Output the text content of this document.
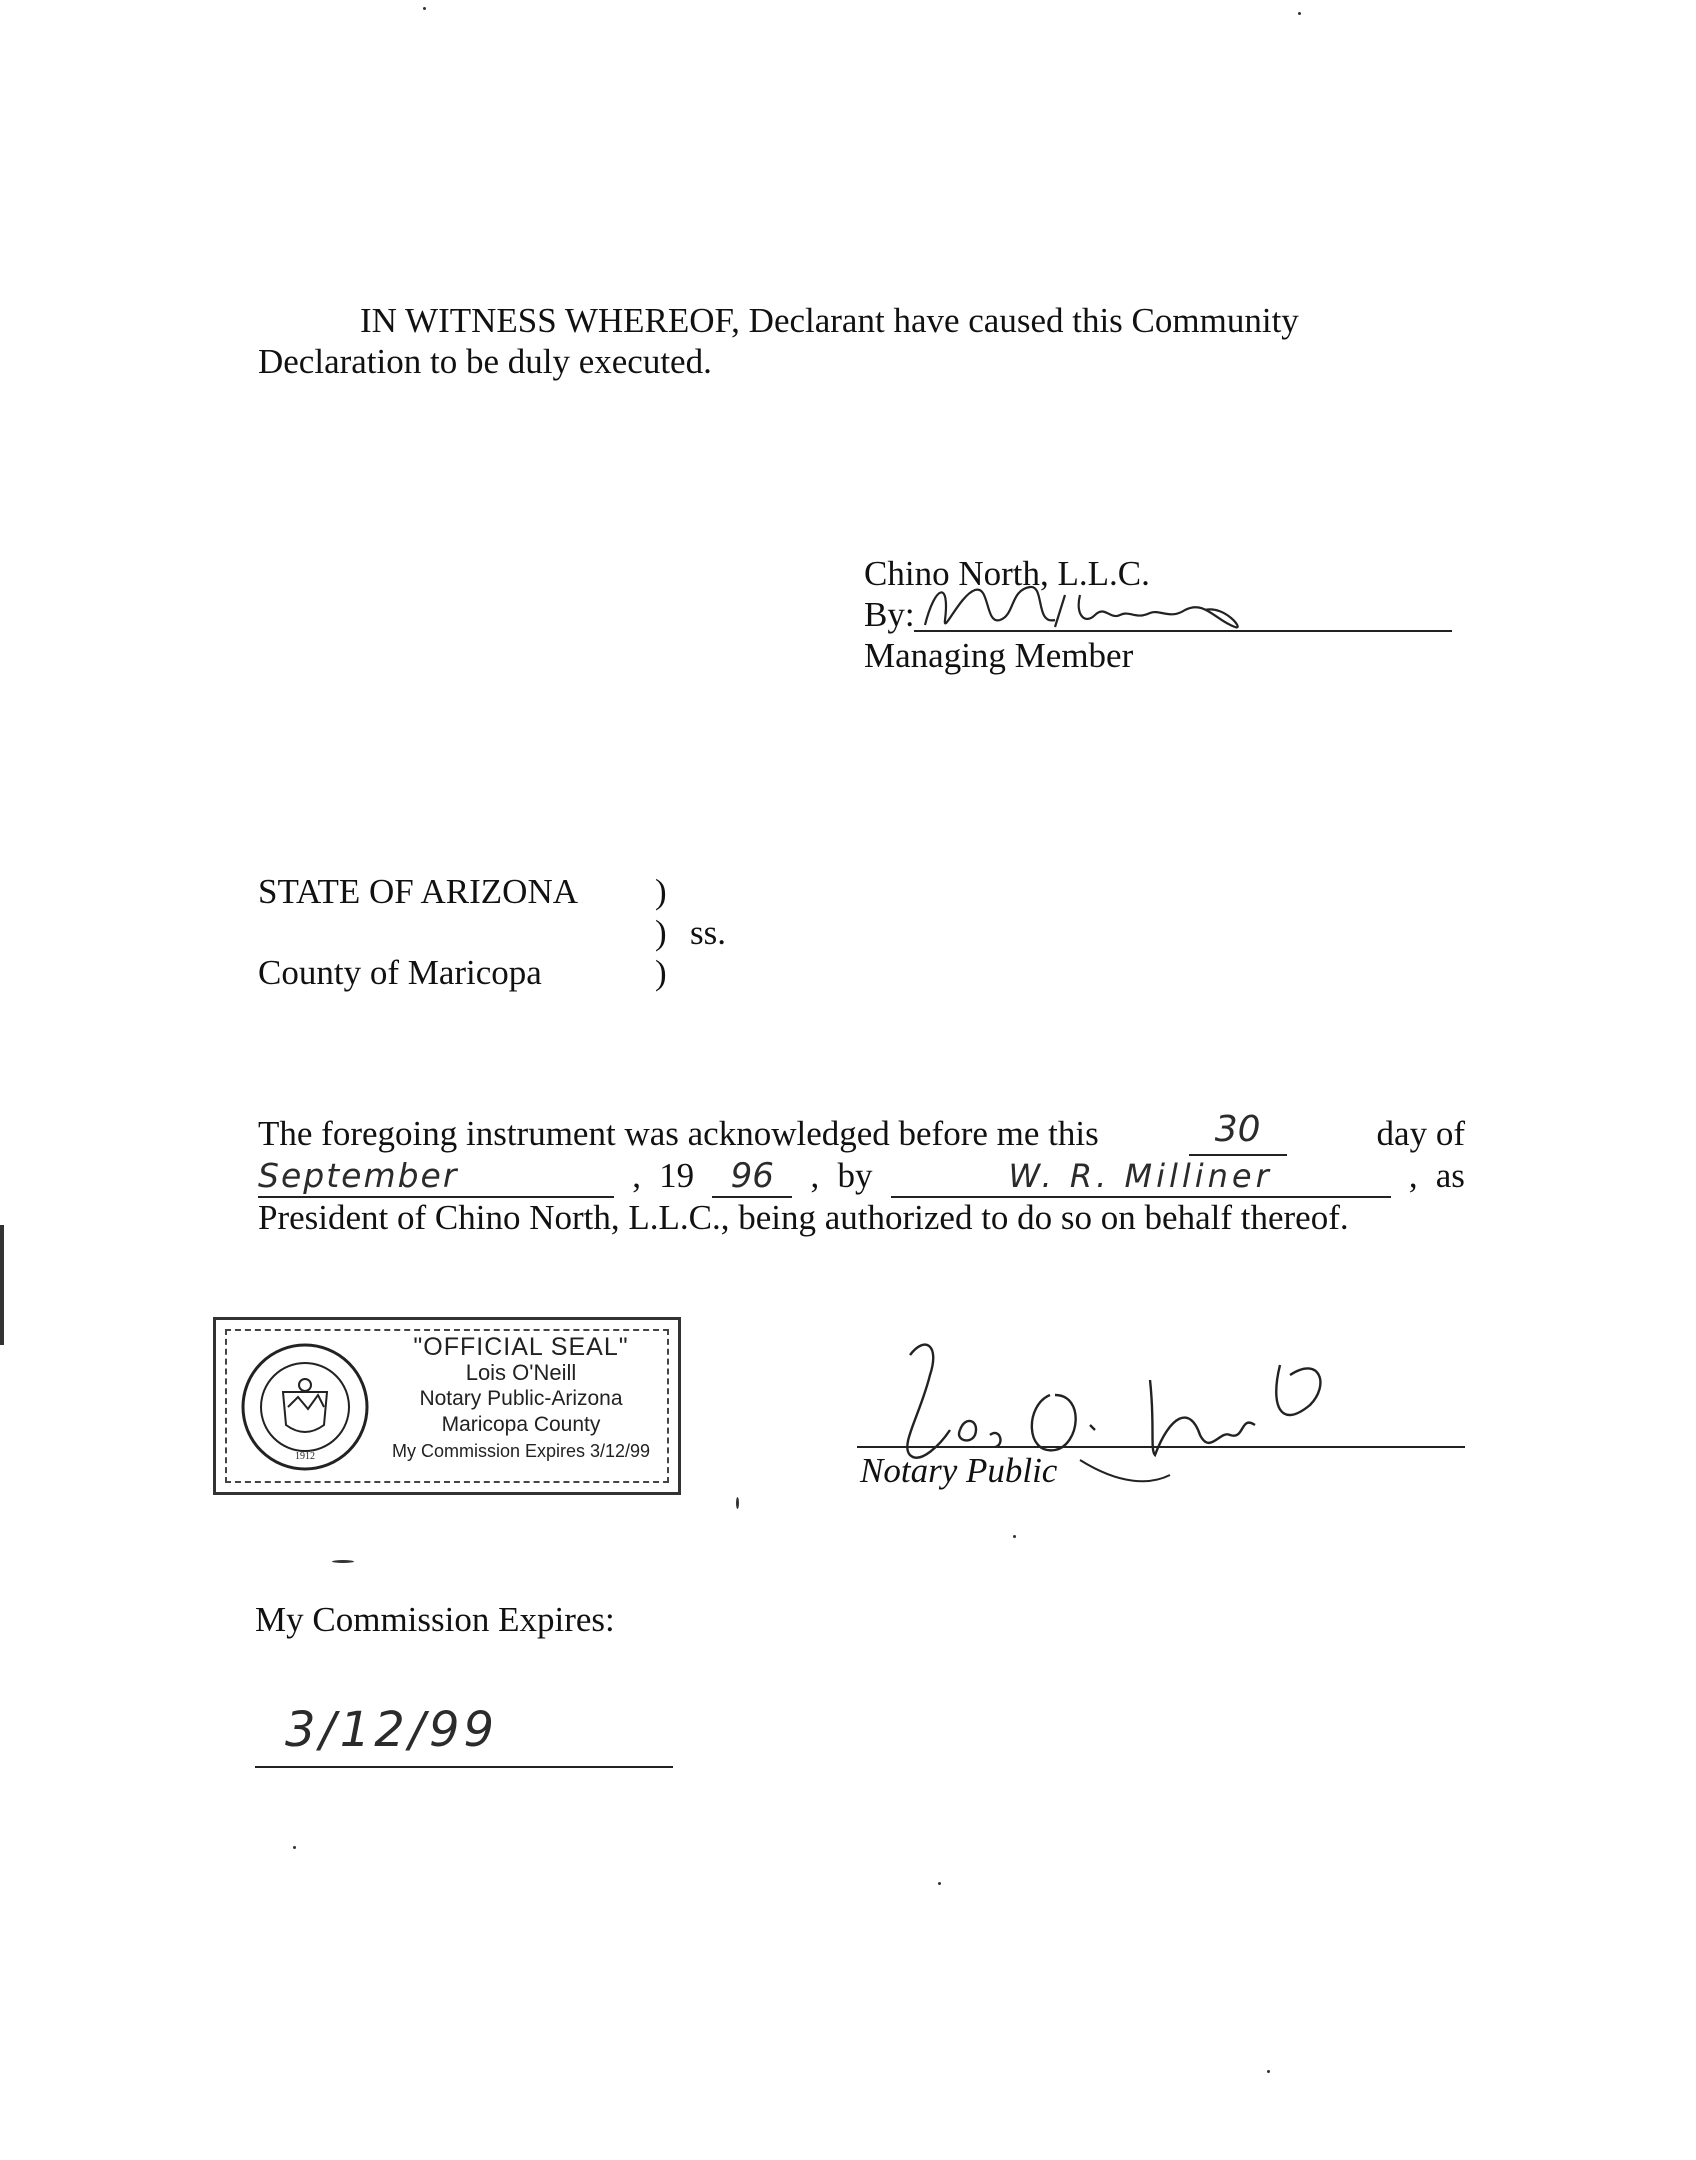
IN WITNESS WHEREOF, Declarant have caused this Community
Declaration to be duly executed.
Chino North, L.L.C.
By:
Managing Member
STATE OF ARIZONA )
) ss.
County of Maricopa	)
The foregoing instrument was acknowledged before me this	30	day of
September	, 19	96	, by	W. R. Milliner	, as
President of Chino North, L.L.C., being authorized to do so on behalf thereof.
1912
"OFFICIAL SEAL"
Lois O'Neill
Notary Public-Arizona
Maricopa County
My Commission Expires 3/12/99	Notary Public
My Commission Expires:
3/12/99
